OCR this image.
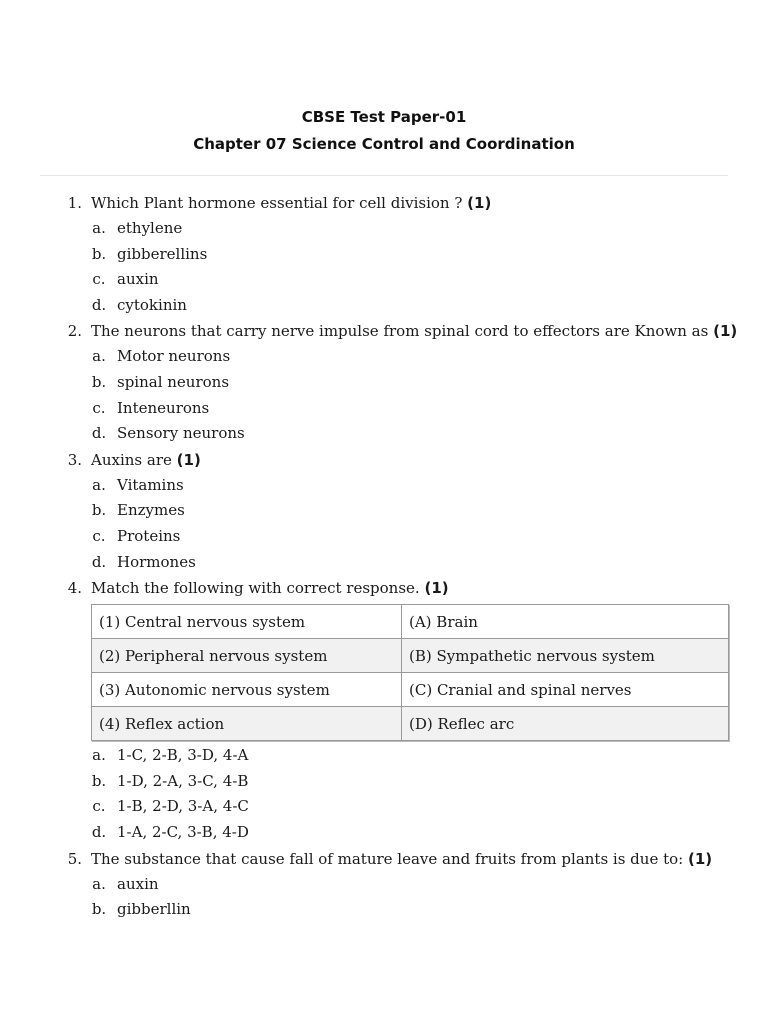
CBSE Test Paper-01
Chapter 07 Science Control and Coordination
1. Which Plant hormone essential for cell division ? (1)
a. ethylene
b. gibberellins
c. auxin
d. cytokinin
2. The neurons that carry nerve impulse from spinal cord to effectors are Known as (1)
a. Motor neurons
b. spinal neurons
c. Inteneurons
d. Sensory neurons
3. Auxins are (1)
a. Vitamins
b. Enzymes
c. Proteins
d. Hormones
4. Match the following with correct response. (1)
(1) Central nervous system	(A) Brain
(2) Peripheral nervous system	(B) Sympathetic nervous system
(3) Autonomic nervous system	(C) Cranial and spinal nerves
(4) Reflex action	(D) Reflec arc
a. 1-C, 2-B, 3-D, 4-A
b. 1-D, 2-A, 3-C, 4-B
c. 1-B, 2-D, 3-A, 4-C
d. 1-A, 2-C, 3-B, 4-D
5. The substance that cause fall of mature leave and fruits from plants is due to: (1)
a. auxin
b. gibberllin
